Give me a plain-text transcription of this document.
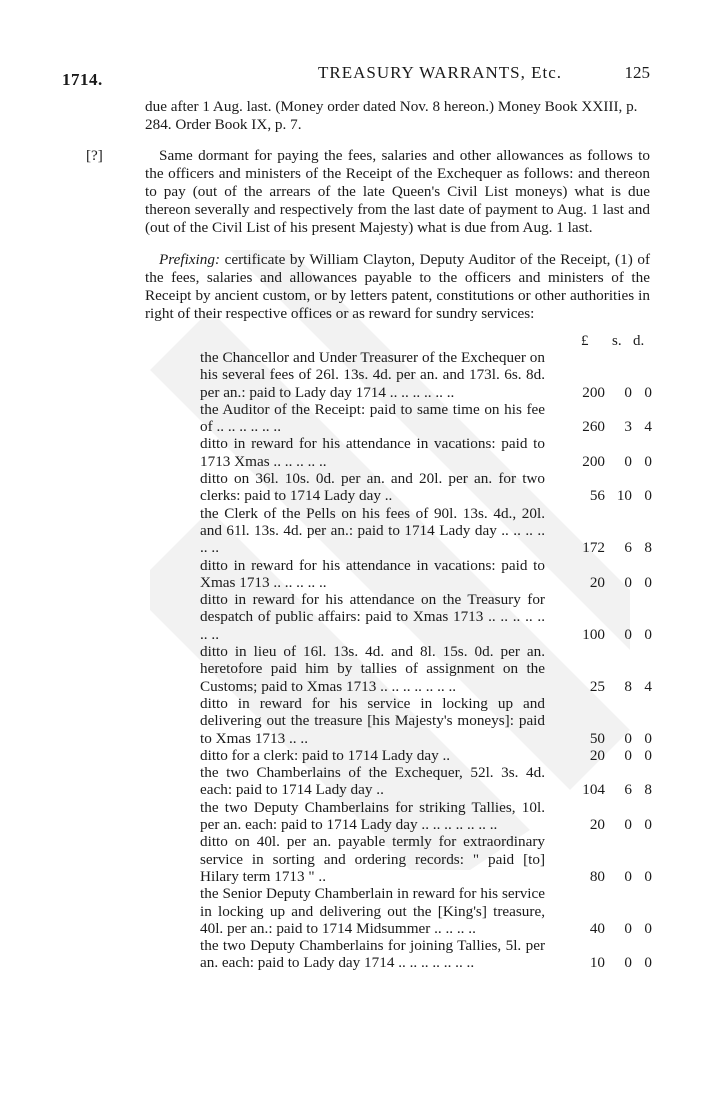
1714.	TREASURY WARRANTS, Etc.	125
due after 1 Aug. last. (Money order dated Nov. 8 hereon.) Money Book XXIII, p. 284. Order Book IX, p. 7.
[?]	Same dormant for paying the fees, salaries and other allowances as follows to the officers and ministers of the Receipt of the Exchequer as follows: and thereon to pay (out of the arrears of the late Queen's Civil List moneys) what is due thereon severally and respectively from the last date of payment to Aug. 1 last and (out of the Civil List of his present Majesty) what is due from Aug. 1 last.
Prefixing: certificate by William Clayton, Deputy Auditor of the Receipt, (1) of the fees, salaries and allowances payable to the officers and ministers of the Receipt by ancient custom, or by letters patent, constitutions or other authorities in right of their respective offices or as reward for sundry services:
£ s. d.
the Chancellor and Under Treasurer of the Exchequer on his several fees of 26l. 13s. 4d. per an. and 173l. 6s. 8d. per an.: paid to Lady day 1714 .. .. .. .. .. ..	200	0 0
the Auditor of the Receipt: paid to same time on his fee of .. .. .. .. .. ..	260	3 4
ditto in reward for his attendance in vacations: paid to 1713 Xmas .. .. .. .. ..	200	0 0
ditto on 36l. 10s. 0d. per an. and 20l. per an. for two clerks: paid to 1714 Lady day ..	56 10 0
the Clerk of the Pells on his fees of 90l. 13s. 4d., 20l. and 61l. 13s. 4d. per an.: paid to 1714 Lady day .. .. .. .. .. ..	172	6 8
ditto in reward for his attendance in vacations: paid to Xmas 1713 .. .. .. .. ..	20	0 0
ditto in reward for his attendance on the Treasury for despatch of public affairs: paid to Xmas 1713 .. .. .. .. .. .. ..	100	0 0
ditto in lieu of 16l. 13s. 4d. and 8l. 15s. 0d. per an. heretofore paid him by tallies of assignment on the Customs; paid to Xmas 1713 .. .. .. .. .. .. ..	25	8 4
ditto in reward for his service in locking up and delivering out the treasure [his Majesty's moneys]: paid to Xmas 1713 .. ..	50	0 0
ditto for a clerk: paid to 1714 Lady day ..	20	0 0
the two Chamberlains of the Exchequer, 52l. 3s. 4d. each: paid to 1714 Lady day ..	104	6 8
the two Deputy Chamberlains for striking Tallies, 10l. per an. each: paid to 1714 Lady day .. .. .. .. .. .. ..	20	0 0
ditto on 40l. per an. payable termly for extraordinary service in sorting and ordering records: " paid [to] Hilary term 1713 " ..	80	0 0
the Senior Deputy Chamberlain in reward for his service in locking up and delivering out the [King's] treasure, 40l. per an.: paid to 1714 Midsummer .. .. .. ..	40	0 0
the two Deputy Chamberlains for joining Tallies, 5l. per an. each: paid to Lady day 1714 .. .. .. .. .. .. ..	10	0 0
